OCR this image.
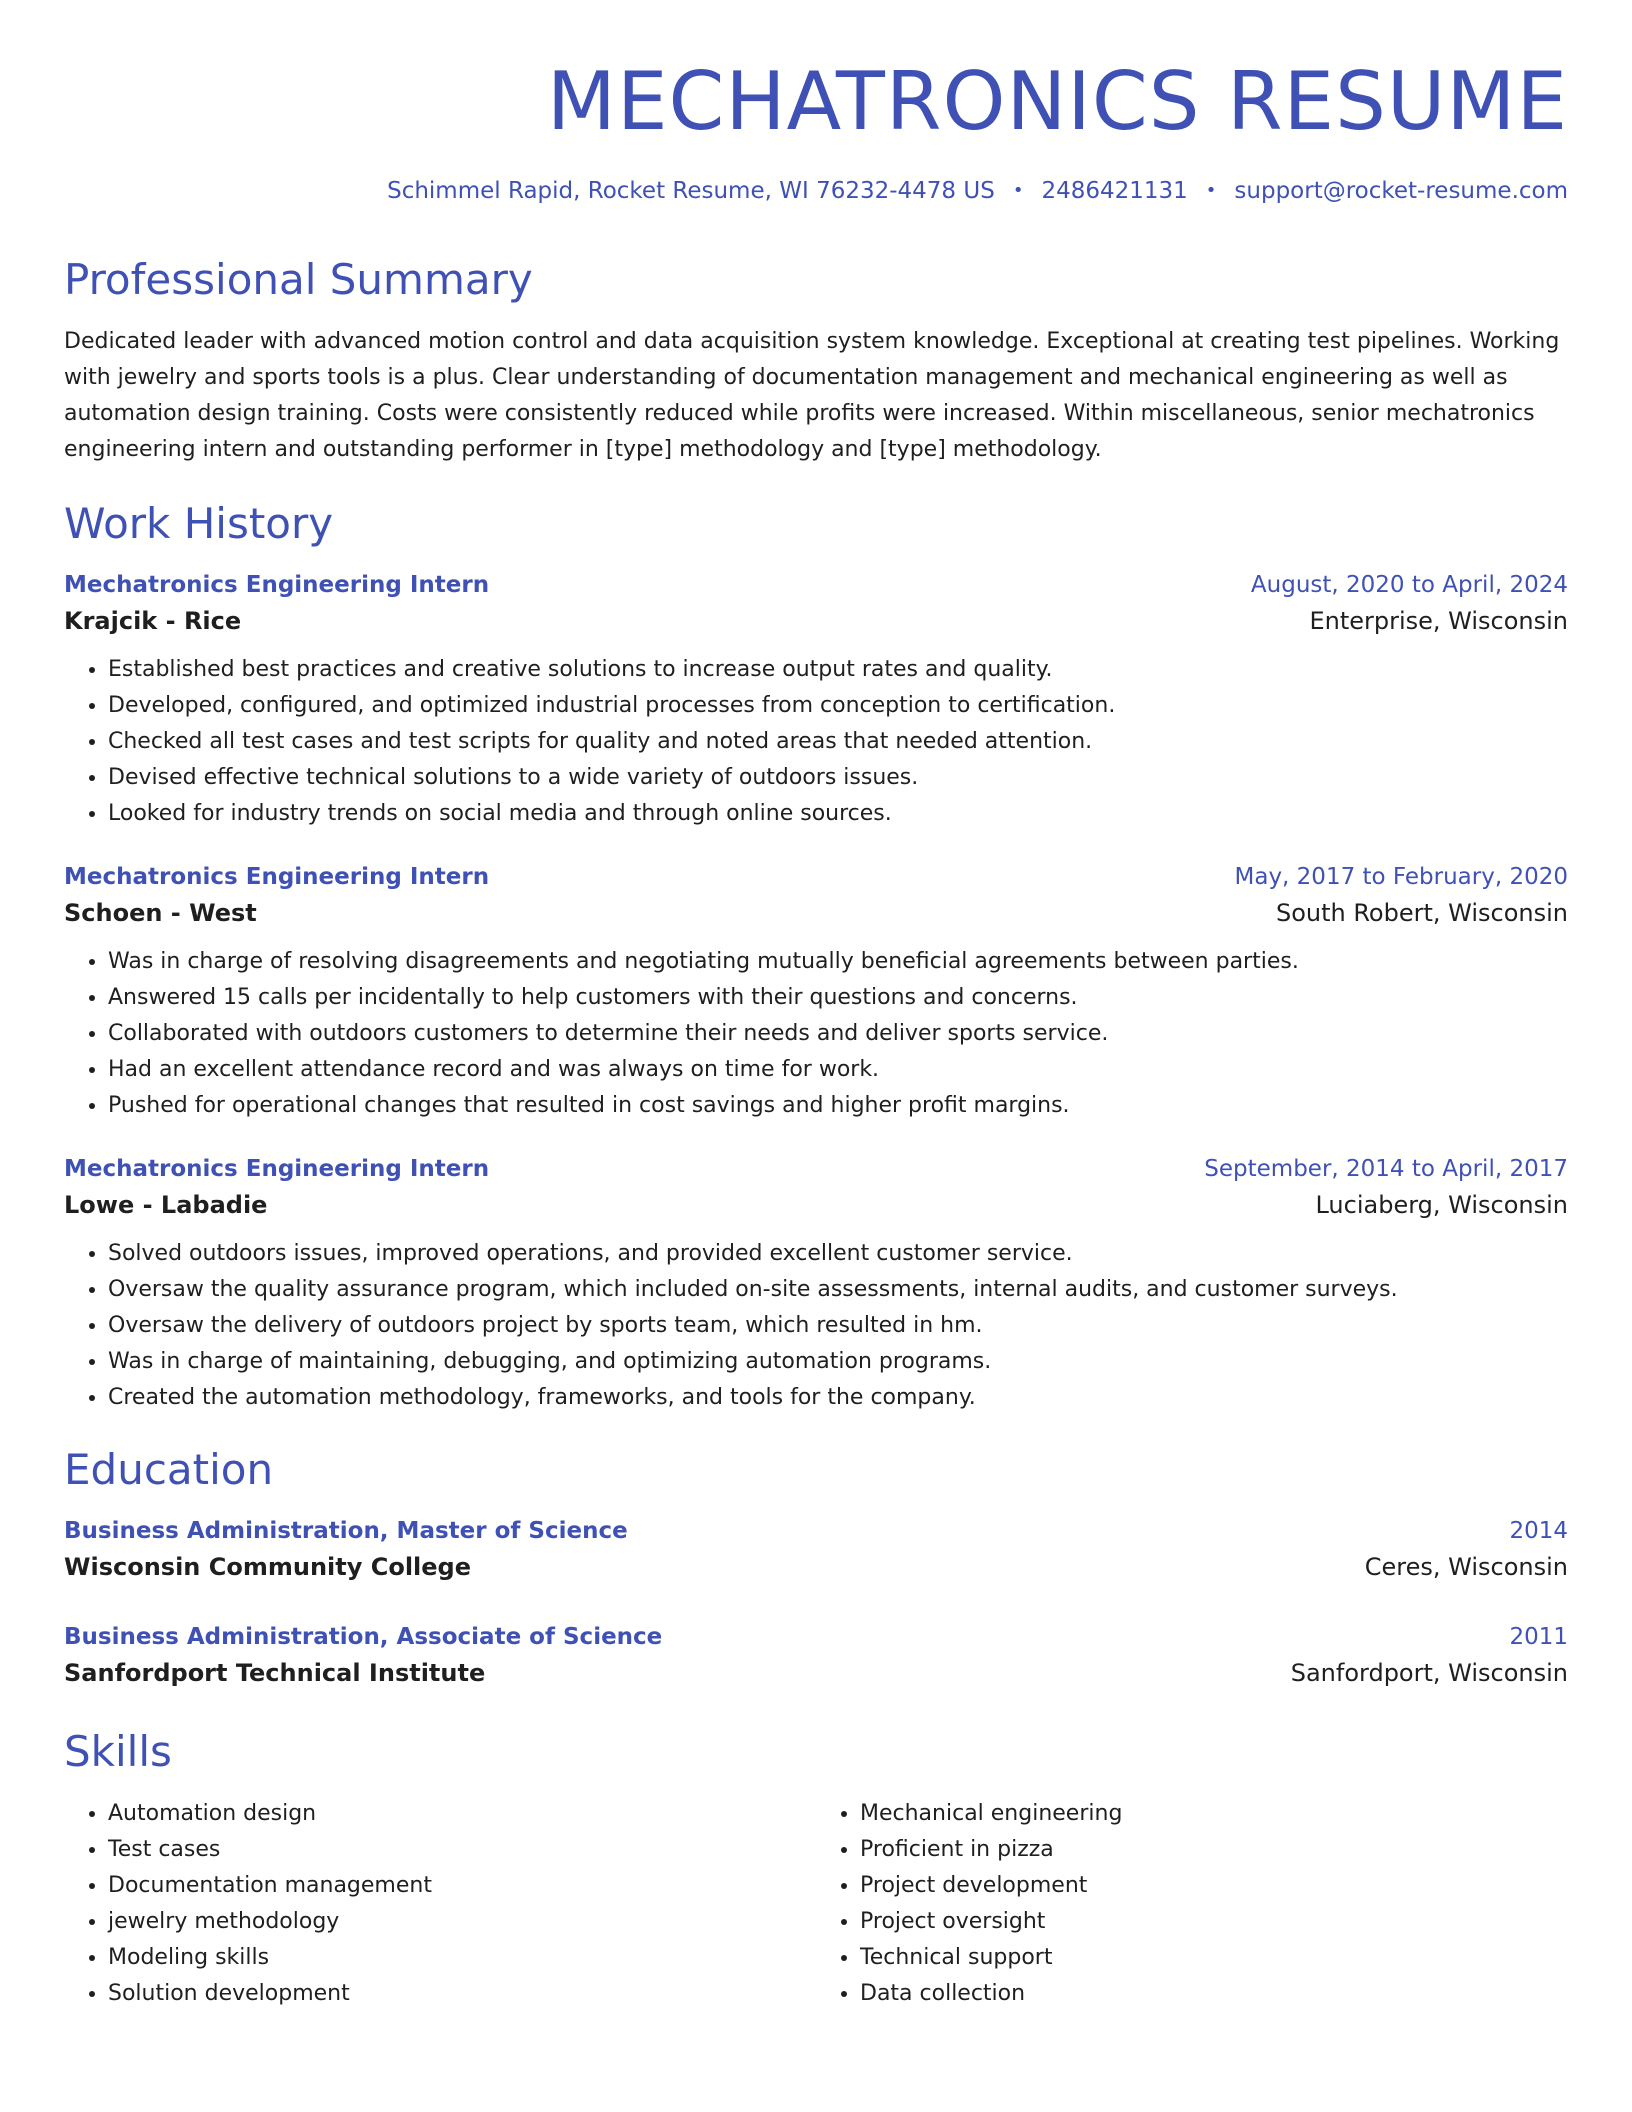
MECHATRONICS RESUME
Schimmel Rapid, Rocket Resume, WI 76232-4478 US • 2486421131 • support@rocket-resume.com
Professional Summary

Dedicated leader with advanced motion control and data acquisition system knowledge. Exceptional at creating test pipelines. Working with jewelry and sports tools is a plus. Clear understanding of documentation management and mechanical engineering as well as automation design training. Costs were consistently reduced while profits were increased. Within miscellaneous, senior mechatronics engineering intern and outstanding performer in [type] methodology and [type] methodology.

Work History
Mechatronics Engineering Intern	August, 2020 to April, 2024
Krajcik - Rice	Enterprise, Wisconsin
• Established best practices and creative solutions to increase output rates and quality.
• Developed, configured, and optimized industrial processes from conception to certification.
• Checked all test cases and test scripts for quality and noted areas that needed attention.
• Devised effective technical solutions to a wide variety of outdoors issues.
• Looked for industry trends on social media and through online sources.
Mechatronics Engineering Intern	May, 2017 to February, 2020
Schoen - West	South Robert, Wisconsin
• Was in charge of resolving disagreements and negotiating mutually beneficial agreements between parties.
• Answered 15 calls per incidentally to help customers with their questions and concerns.
• Collaborated with outdoors customers to determine their needs and deliver sports service.
• Had an excellent attendance record and was always on time for work.
• Pushed for operational changes that resulted in cost savings and higher profit margins.
Mechatronics Engineering Intern	September, 2014 to April, 2017
Lowe - Labadie	Luciaberg, Wisconsin
• Solved outdoors issues, improved operations, and provided excellent customer service.
• Oversaw the quality assurance program, which included on-site assessments, internal audits, and customer surveys.
• Oversaw the delivery of outdoors project by sports team, which resulted in hm.
• Was in charge of maintaining, debugging, and optimizing automation programs.
• Created the automation methodology, frameworks, and tools for the company.
Education
Business Administration, Master of Science	2014
Wisconsin Community College	Ceres, Wisconsin
Business Administration, Associate of Science	2011
Sanfordport Technical Institute	Sanfordport, Wisconsin
Skills
• Automation design
• Test cases
• Documentation management
• jewelry methodology
• Modeling skills
• Solution development
• Mechanical engineering
• Proficient in pizza
• Project development
• Project oversight
• Technical support
• Data collection
